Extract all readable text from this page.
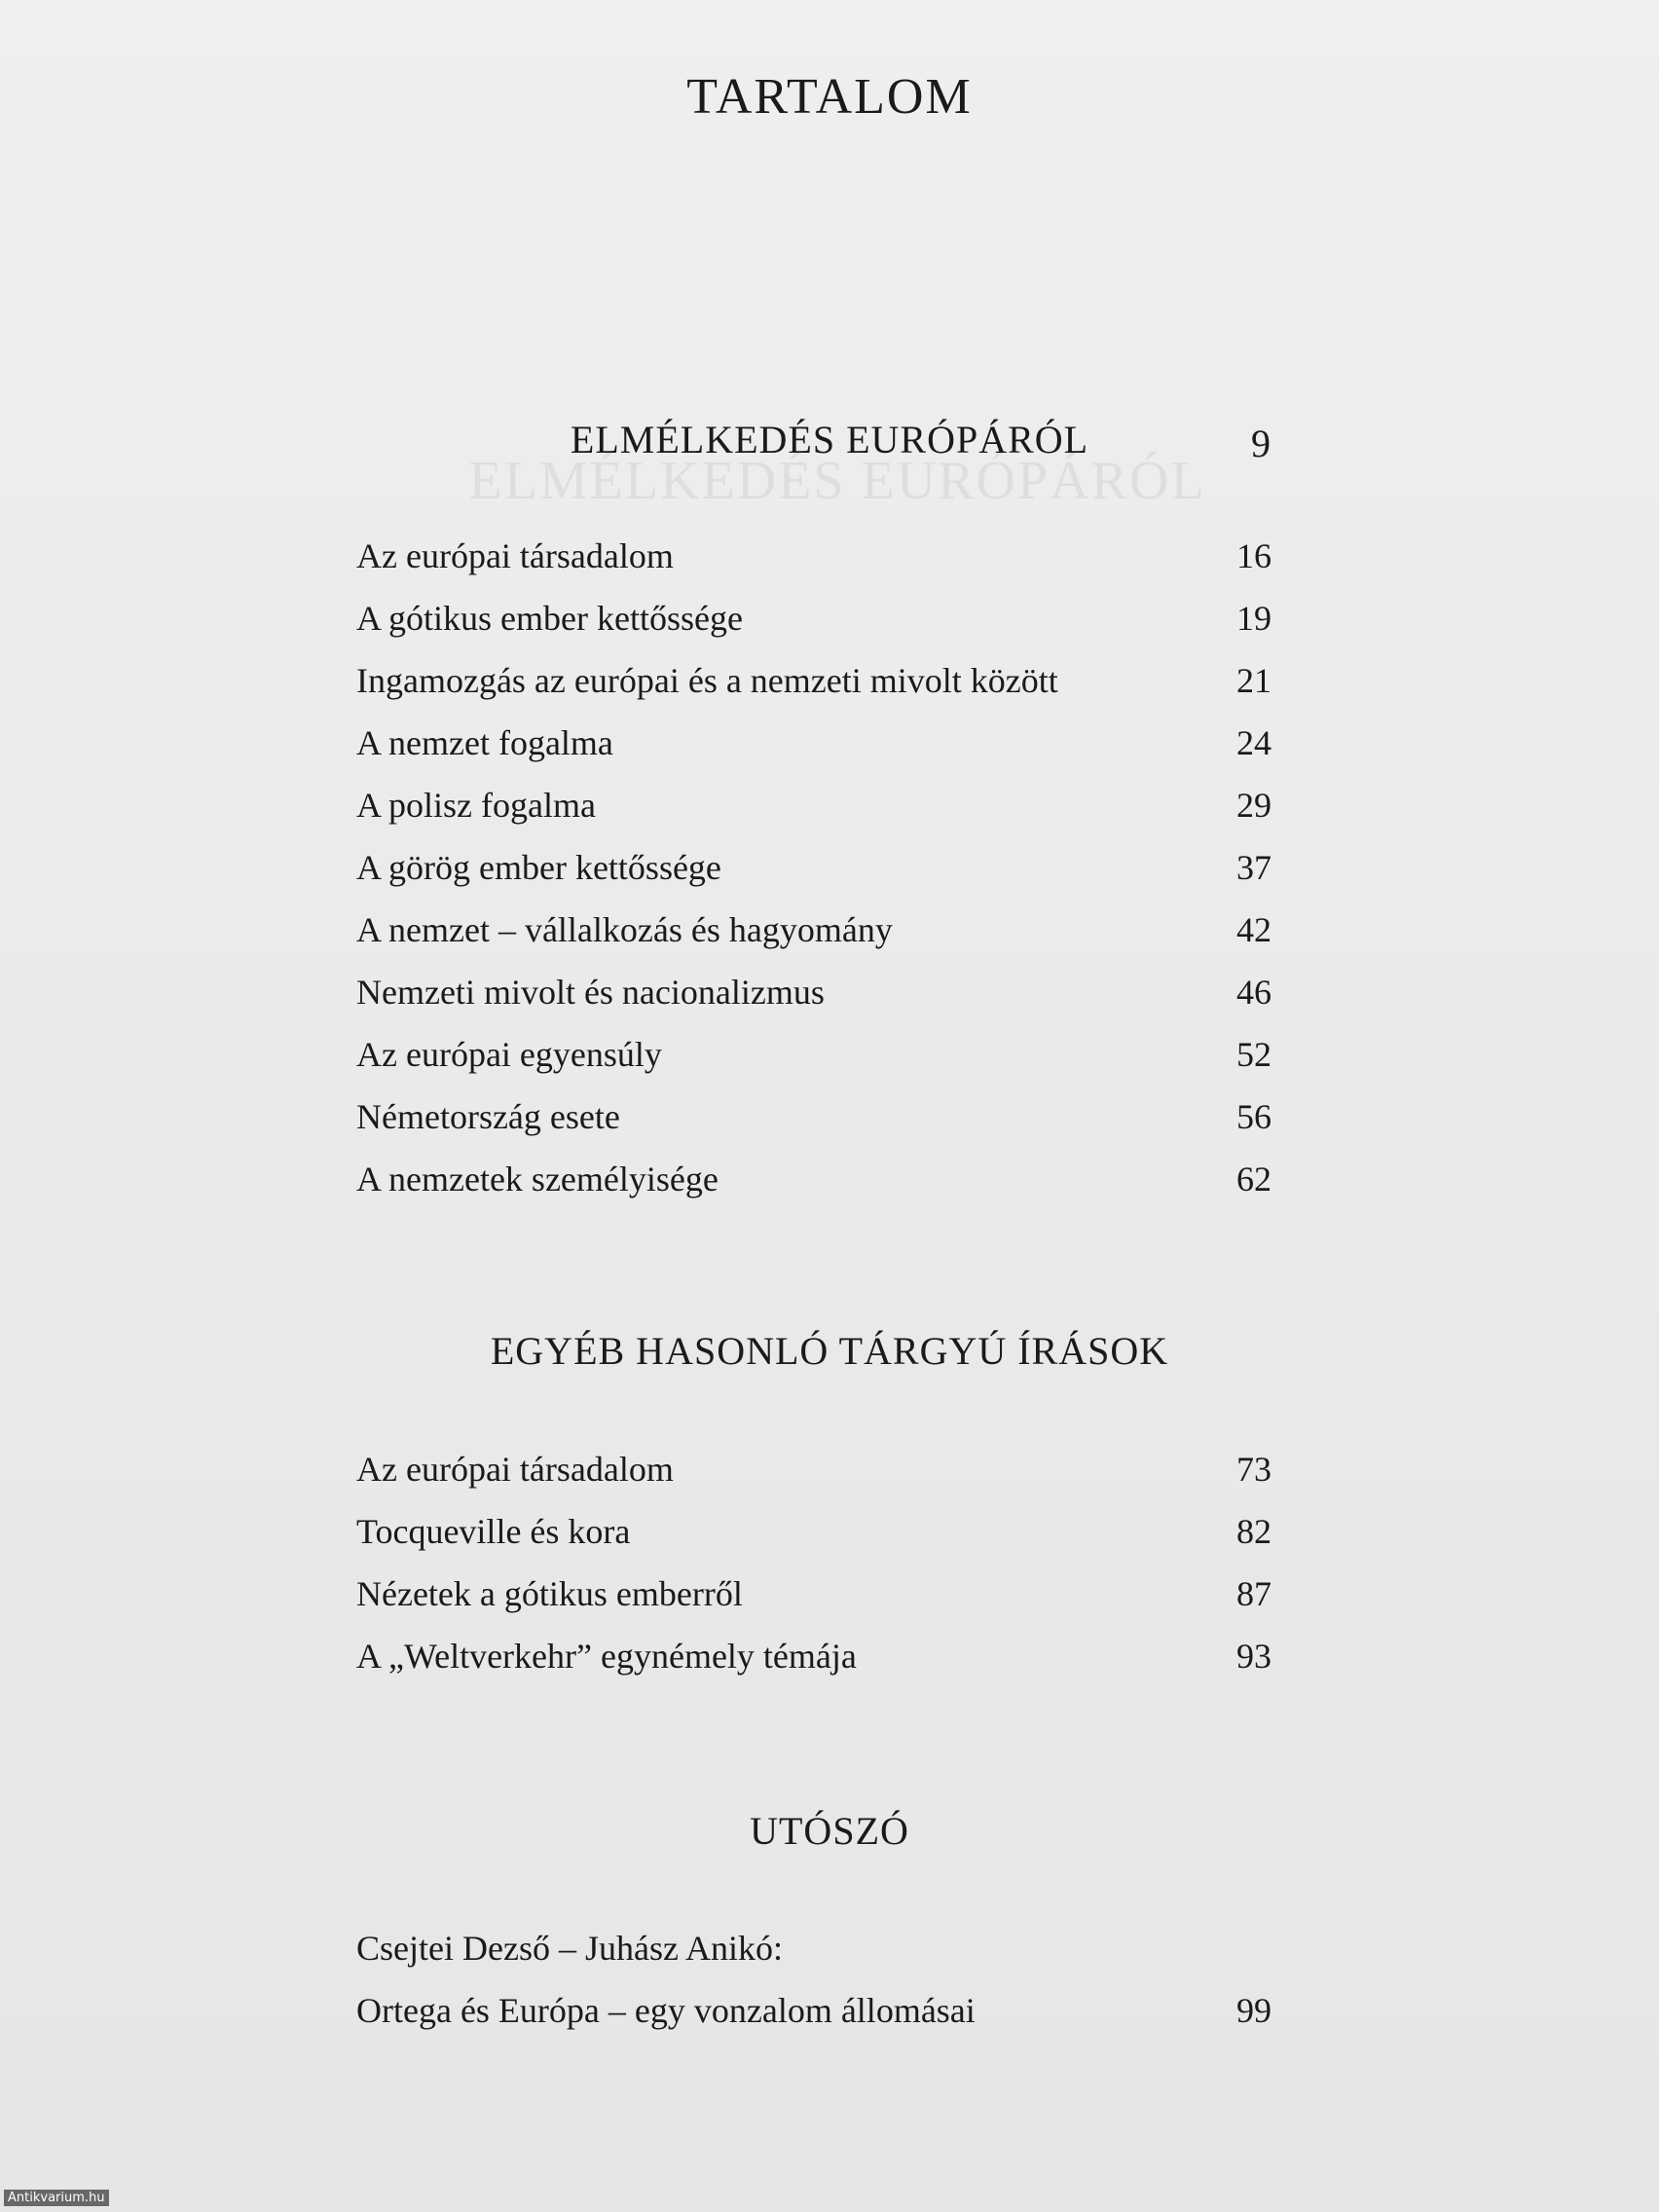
ELMÉLKEDÉS EURÓPÁRÓL
TARTALOM
ELMÉLKEDÉS EURÓPÁRÓL	9
Az európai társadalom	16
A gótikus ember kettőssége	19
Ingamozgás az európai és a nemzeti mivolt között	21
A nemzet fogalma	24
A polisz fogalma	29
A görög ember kettőssége	37
A nemzet – vállalkozás és hagyomány	42
Nemzeti mivolt és nacionalizmus	46
Az európai egyensúly	52
Németország esete	56
A nemzetek személyisége	62
EGYÉB HASONLÓ TÁRGYÚ ÍRÁSOK
Az európai társadalom	73
Tocqueville és kora	82
Nézetek a gótikus emberről	87
A „Weltverkehr” egynémely témája	93
UTÓSZÓ
Csejtei Dezső – Juhász Anikó:
Ortega és Európa – egy vonzalom állomásai	99
Antikvarium.hu
